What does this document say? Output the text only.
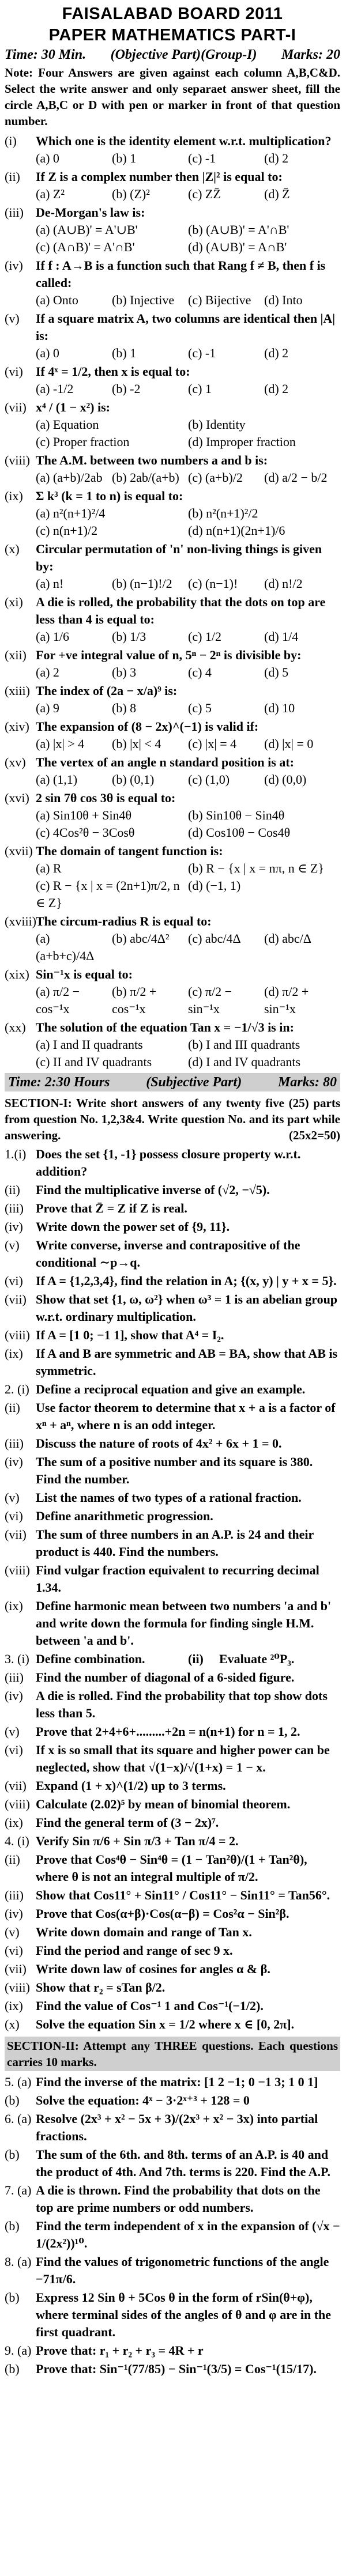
FAISALABAD BOARD 2011
PAPER MATHEMATICS PART-I
Time: 30 Min. (Objective Part)(Group-I) Marks: 20
Note: Four Answers are given against each column A,B,C&D. Select the write answer and only separaet answer sheet, fill the circle A,B,C or D with pen or marker in front of that question number.
(i)	Which one is the identity element w.r.t. multiplication?
(a) 0	(b) 1	(c) -1	(d) 2
(ii)	If Z is a complex number then |Z|² is equal to:
(a) Z²	(b) (Z)²	(c) ZZ̄	(d) Z̄
(iii) De-Morgan's law is:
(a) (A∪B)' = A'∪B'	(b) (A∪B)' = A'∩B'
(c) (A∩B)' = A'∩B'	(d) (A∪B)' = A∩B'
(iv)	If f : A→B is a function such that Rang f ≠ B, then f is called:
(a) Onto	(b) Injective	(c) Bijective	(d) Into
(v)	If a square matrix A, two columns are identical then |A| is:
(a) 0	(b) 1	(c) -1	(d) 2
(vi)	If 4ˣ = 1/2, then x is equal to:
(a) -1/2	(b) -2	(c) 1	(d) 2
(vii) x⁴ / (1 − x²) is:
(a) Equation	(b) Identity
(c) Proper fraction	(d) Improper fraction
(viii) The A.M. between two numbers a and b is:
(a) (a+b)/2ab (b) 2ab/(a+b) (c) (a+b)/2	(d) a/2 − b/2
(ix)	Σ k³ (k = 1 to n) is equal to:
(a) n²(n+1)²/4	(b) n²(n+1)²/2
(c) n(n+1)/2	(d) n(n+1)(2n+1)/6
(x)	Circular permutation of 'n' non-living things is given by:
(a) n!	(b) (n−1)!/2	(c) (n−1)!	(d) n!/2
(xi)	A die is rolled, the probability that the dots on top are less than 4 is equal to:
(a) 1/6	(b) 1/3	(c) 1/2	(d) 1/4
(xii) For +ve integral value of n, 5ⁿ − 2ⁿ is divisible by:
(a) 2	(b) 3	(c) 4	(d) 5
(xiii) The index of (2a − x/a)⁹ is:
(a) 9	(b) 8	(c) 5	(d) 10
(xiv) The expansion of (8 − 2x)^(−1) is valid if:
(a) |x| > 4	(b) |x| < 4	(c) |x| = 4	(d) |x| = 0
(xv) The vertex of an angle n standard position is at:
(a) (1,1)	(b) (0,1)	(c) (1,0)	(d) (0,0)
(xvi) 2 sin 7θ cos 3θ is equal to:
(a) Sin10θ + Sin4θ	(b) Sin10θ − Sin4θ
(c) 4Cos²θ − 3Cosθ	(d) Cos10θ − Cos4θ
(xvii) The domain of tangent function is:
(a) R	(b) R − {x | x = nπ, n ∈ Z}
(c) R − {x | x = (2n+1)π/2, n ∈ Z}
(d) (−1, 1)
(xviii) The circum-radius R is equal to:
(a) (a+b+c)/4Δ
(b) abc/4Δ²	(c) abc/4Δ	(d) abc/Δ
(xix) Sin⁻¹x is equal to:
(a) π/2 − cos⁻¹x
(b) π/2 + cos⁻¹x
(c) π/2 − sin⁻¹x
(d) π/2 + sin⁻¹x
(xx) The solution of the equation Tan x = −1/√3 is in:
(a) I and II quadrants	(b) I and III quadrants
(c) II and IV quadrants	(d) I and IV quadrants
Time: 2:30 Hours	(Subjective Part)	Marks: 80
SECTION-I: Write short answers of any twenty five (25) parts from question No. 1,2,3&4. Write question No. and its part while answering.	(25x2=50)
1.(i) Does the set {1, -1} possess closure property w.r.t. addition?
(ii)	Find the multiplicative inverse of (√2, −√5).
(iii) Prove that Z̄ = Z if Z is real.
(iv)	Write down the power set of {9, 11}.
(v)	Write converse, inverse and contrapositive of the conditional ∼p→q.
(vi)	If A = {1,2,3,4}, find the relation in A; {(x, y) | y + x = 5}.
(vii) Show that set {1, ω, ω²} when ω³ = 1 is an abelian group w.r.t. ordinary multiplication.
(viii) If A = [1 0; −1 1], show that A⁴ = I₂.
(ix)	If A and B are symmetric and AB = BA, show that AB is symmetric.
2. (i) Define a reciprocal equation and give an example.
(ii)	Use factor theorem to determine that x + a is a factor of xⁿ + aⁿ, where n is an odd integer.
(iii) Discuss the nature of roots of 4x² + 6x + 1 = 0.
(iv)	The sum of a positive number and its square is 380. Find the number.
(v)	List the names of two types of a rational fraction.
(vi)	Define anarithmetic progression.
(vii) The sum of three numbers in an A.P. is 24 and their product is 440. Find the numbers.
(viii) Find vulgar fraction equivalent to recurring decimal 1.34.
(ix)	Define harmonic mean between two numbers 'a and b' and write down the formula for finding single H.M. between 'a and b'.
3. (i) Define combination.	(ii)	Evaluate ²⁰P₃.
(iii) Find the number of diagonal of a 6-sided figure.
(iv)	A die is rolled. Find the probability that top show dots less than 5.
(v)	Prove that 2+4+6+.........+2n = n(n+1) for n = 1, 2.
(vi)	If x is so small that its square and higher power can be neglected, show that √(1−x)/√(1+x) = 1 − x.
(vii) Expand (1 + x)^(1/2) up to 3 terms.
(viii) Calculate (2.02)⁵ by mean of binomial theorem.
(ix)	Find the general term of (3 − 2x)⁷.
4. (i) Verify Sin π/6 + Sin π/3 + Tan π/4 = 2.
(ii)	Prove that Cos⁴θ − Sin⁴θ = (1 − Tan²θ)/(1 + Tan²θ), where θ is not an integral multiple of π/2.
(iii) Show that Cos11° + Sin11° / Cos11° − Sin11° = Tan56°.
(iv)	Prove that Cos(α+β)·Cos(α−β) = Cos²α − Sin²β.
(v)	Write down domain and range of Tan x.
(vi)	Find the period and range of sec 9 x.
(vii) Write down law of cosines for angles α & β.
(viii) Show that r₂ = sTan β/2.
(ix)	Find the value of Cos⁻¹ 1 and Cos⁻¹(−1/2).
(x)	Solve the equation Sin x = 1/2 where x ∈ [0, 2π].
SECTION-II: Attempt any THREE questions. Each questions carries 10 marks.
5. (a) Find the inverse of the matrix: [1 2 −1; 0 −1 3; 1 0 1]
(b)	Solve the equation: 4ˣ − 3·2ˣ⁺³ + 128 = 0
6. (a) Resolve (2x³ + x² − 5x + 3)/(2x³ + x² − 3x) into partial fractions.
(b)	The sum of the 6th. and 8th. terms of an A.P. is 40 and the product of 4th. And 7th. terms is 220. Find the A.P.
7. (a) A die is thrown. Find the probability that dots on the top are prime numbers or odd numbers.
(b)	Find the term independent of x in the expansion of (√x − 1/(2x²))¹⁰.
8. (a) Find the values of trigonometric functions of the angle −71π/6.
(b)	Express 12 Sin θ + 5Cos θ in the form of rSin(θ+φ), where terminal sides of the angles of θ and φ are in the first quadrant.
9. (a) Prove that: r₁ + r₂ + r₃ = 4R + r
(b)	Prove that: Sin⁻¹(77/85) − Sin⁻¹(3/5) = Cos⁻¹(15/17).
